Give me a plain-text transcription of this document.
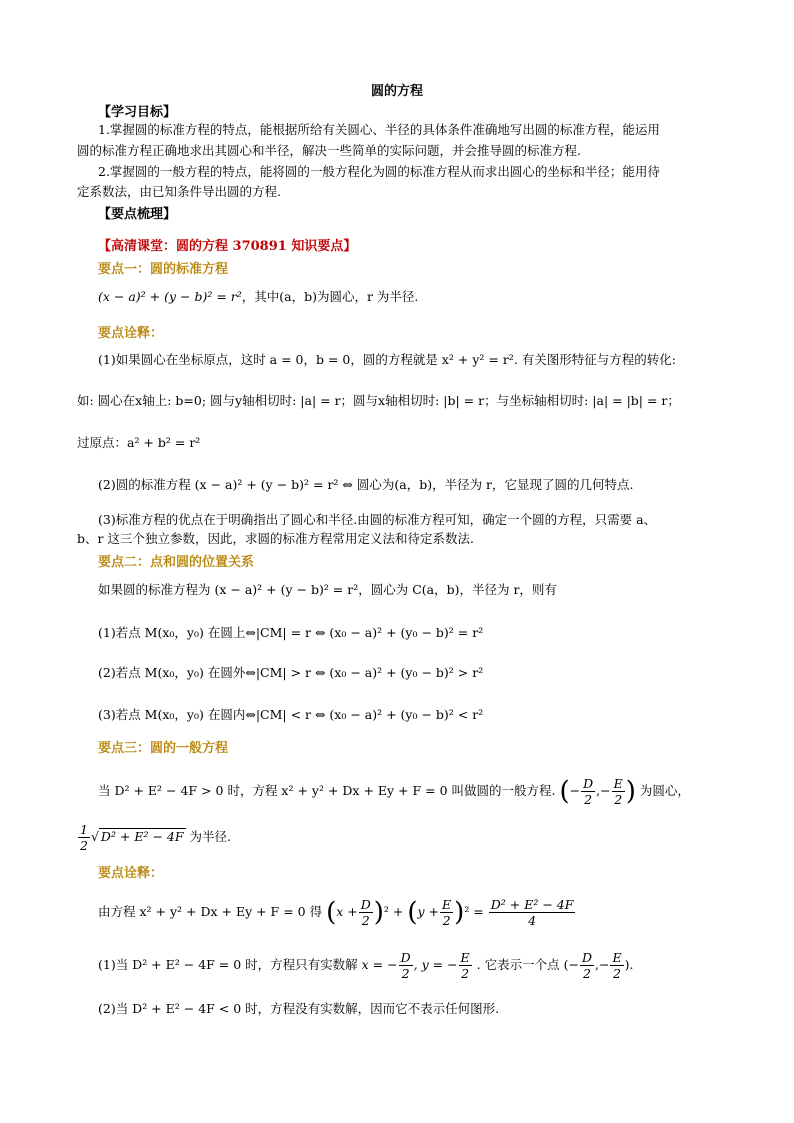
圆的方程
【学习目标】
1.掌握圆的标准方程的特点，能根据所给有关圆心、半径的具体条件准确地写出圆的标准方程，能运用
圆的标准方程正确地求出其圆心和半径，解决一些简单的实际问题，并会推导圆的标准方程.
2.掌握圆的一般方程的特点，能将圆的一般方程化为圆的标准方程从而求出圆心的坐标和半径；能用待
定系数法，由已知条件导出圆的方程.
【要点梳理】
【高清课堂：圆的方程 370891 知识要点】
要点一：圆的标准方程
(x − a)² + (y − b)² = r²，其中(a，b)为圆心，r 为半径.
要点诠释：
(1)如果圆心在坐标原点，这时 a = 0，b = 0，圆的方程就是 x² + y² = r². 有关图形特征与方程的转化:
如: 圆心在x轴上: b=0; 圆与y轴相切时: |a| = r；圆与x轴相切时: |b| = r；与坐标轴相切时: |a| = |b| = r；
过原点：a² + b² = r²
(2)圆的标准方程 (x − a)² + (y − b)² = r² ⇔ 圆心为(a，b)，半径为 r，它显现了圆的几何特点.
(3)标准方程的优点在于明确指出了圆心和半径.由圆的标准方程可知，确定一个圆的方程，只需要 a、
b、r 这三个独立参数，因此，求圆的标准方程常用定义法和待定系数法.
要点二：点和圆的位置关系
如果圆的标准方程为 (x − a)² + (y − b)² = r²，圆心为 C(a，b)，半径为 r，则有
(1)若点 M(x₀，y₀) 在圆上⇔|CM| = r ⇔ (x₀ − a)² + (y₀ − b)² = r²
(2)若点 M(x₀，y₀) 在圆外⇔|CM| > r ⇔ (x₀ − a)² + (y₀ − b)² > r²
(3)若点 M(x₀，y₀) 在圆内⇔|CM| < r ⇔ (x₀ − a)² + (y₀ − b)² < r²
要点三：圆的一般方程
当 D² + E² − 4F > 0 时，方程 x² + y² + Dx + Ey + F = 0 叫做圆的一般方程. (− $\frac{D}{2}$ ,− $\frac{E}{2}$ ) 为圆心，
$\frac{1}{2}$ √ D² + E² − 4F 为半径.
要点诠释：
由方程 x² + y² + Dx + Ey + F = 0 得 $(x + \frac{D}{2} )^2 + (y + \frac{E}{2} )^2 = \frac{\text{D² + E² − 4F}}{4}$
(1)当 D² + E² − 4F = 0 时，方程只有实数解 x = − $\frac{D}{2}$ , y = − $\frac{E}{2}$ . 它表示一个点 (− $\frac{D}{2}$ ,− $\frac{E}{2}$ ).
(2)当 D² + E² − 4F < 0 时，方程没有实数解，因而它不表示任何图形.
